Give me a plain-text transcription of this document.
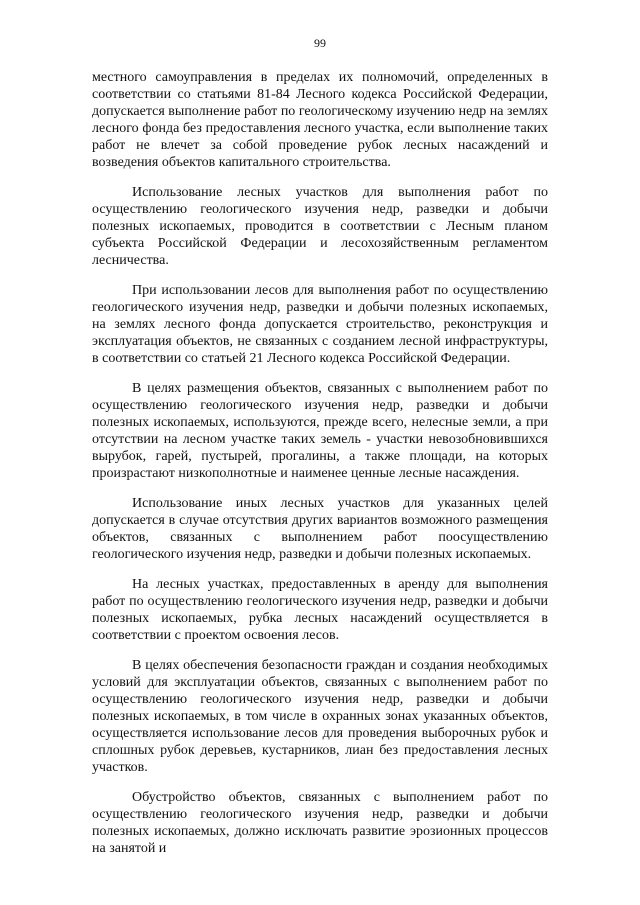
99

местного самоуправления в пределах их полномочий, определенных в соответствии со статьями 81-84 Лесного кодекса Российской Федерации, допускается выполнение работ по геологическому изучению недр на землях лесного фонда без предоставления лесного участка, если выполнение таких работ не влечет за собой проведение рубок лесных насаждений и возведения объектов капитального строительства.

Использование лесных участков для выполнения работ по осуществлению геологического изучения недр, разведки и добычи полезных ископаемых, проводится в соответствии с Лесным планом субъекта Российской Федерации и лесохозяйственным регламентом лесничества.

При использовании лесов для выполнения работ по осуществлению геологического изучения недр, разведки и добычи полезных ископаемых, на землях лесного фонда допускается строительство, реконструкция и эксплуатация объектов, не связанных с созданием лесной инфраструктуры, в соответствии со статьей 21 Лесного кодекса Российской Федерации.

В целях размещения объектов, связанных с выполнением работ по осуществлению геологического изучения недр, разведки и добычи полезных ископаемых, используются, прежде всего, нелесные земли, а при отсутствии на лесном участке таких земель - участки невозобновившихся вырубок, гарей, пустырей, прогалины, а также площади, на которых произрастают низкополнотные и наименее ценные лесные насаждения.

Использование иных лесных участков для указанных целей допускается в случае отсутствия других вариантов возможного размещения объектов, связанных с выполнением работ поосуществлению геологического изучения недр, разведки и добычи полезных ископаемых.

На лесных участках, предоставленных в аренду для выполнения работ по осуществлению геологического изучения недр, разведки и добычи полезных ископаемых, рубка лесных насаждений осуществляется в соответствии с проектом освоения лесов.

В целях обеспечения безопасности граждан и создания необходимых условий для эксплуатации объектов, связанных с выполнением работ по осуществлению геологического изучения недр, разведки и добычи полезных ископаемых, в том числе в охранных зонах указанных объектов, осуществляется использование лесов для проведения выборочных рубок и сплошных рубок деревьев, кустарников, лиан без предоставления лесных участков.

Обустройство объектов, связанных с выполнением работ по осуществлению геологического изучения недр, разведки и добычи полезных ископаемых, должно исключать развитие эрозионных процессов на занятой и
